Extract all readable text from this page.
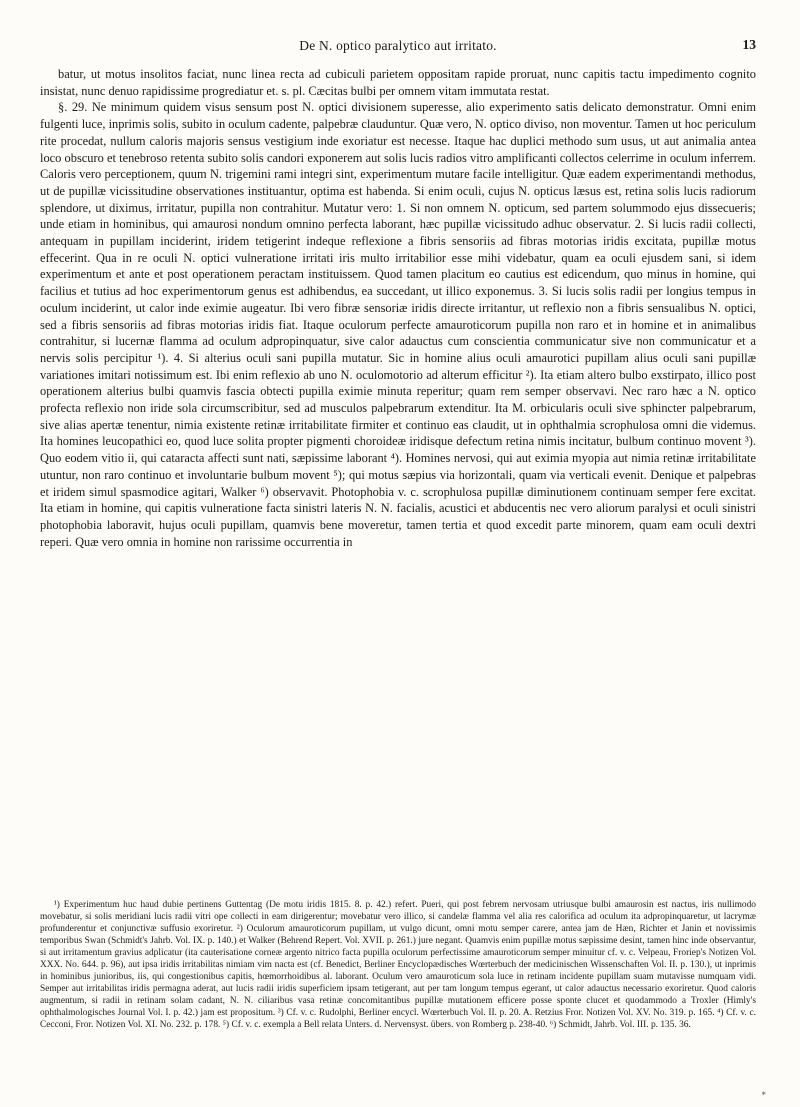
De N. optico paralytico aut irritato.	13

batur, ut motus insolitos faciat, nunc linea recta ad cubiculi parietem oppositam rapide proruat, nunc capitis tactu impedimento cognito insistat, nunc denuo rapidissime progrediatur et. s. pl. Cæcitas bulbi per omnem vitam immutata restat.

§. 29. Ne minimum quidem visus sensum post N. optici divisionem superesse, alio experimento satis delicato demonstratur. Omni enim fulgenti luce, inprimis solis, subito in oculum cadente, palpebræ clauduntur. Quæ vero, N. optico diviso, non moventur. Tamen ut hoc periculum rite procedat, nullum caloris majoris sensus vestigium inde exoriatur est necesse. Itaque hac duplici methodo sum usus, ut aut animalia antea loco obscuro et tenebroso retenta subito solis candori exponerem aut solis lucis radios vitro amplificanti collectos celerrime in oculum inferrem. Caloris vero perceptionem, quum N. trigemini rami integri sint, experimentum mutare facile intelligitur. Quæ eadem experimentandi methodus, ut de pupillæ vicissitudine observationes instituantur, optima est habenda. Si enim oculi, cujus N. opticus læsus est, retina solis lucis radiorum splendore, ut diximus, irritatur, pupilla non contrahitur. Mutatur vero: 1. Si non omnem N. opticum, sed partem solummodo ejus dissecueris; unde etiam in hominibus, qui amaurosi nondum omnino perfecta laborant, hæc pupillæ vicissitudo adhuc observatur. 2. Si lucis radii collecti, antequam in pupillam inciderint, iridem tetigerint indeque reflexione a fibris sensoriis ad fibras motorias iridis excitata, pupillæ motus effecerint. Qua in re oculi N. optici vulneratione irritati iris multo irritabilior esse mihi videbatur, quam ea oculi ejusdem sani, si idem experimentum et ante et post operationem peractam instituissem. Quod tamen placitum eo cautius est edicendum, quo minus in homine, qui facilius et tutius ad hoc experimentorum genus est adhibendus, ea succedant, ut illico exponemus. 3. Si lucis solis radii per longius tempus in oculum inciderint, ut calor inde eximie augeatur. Ibi vero fibræ sensoriæ iridis directe irritantur, ut reflexio non a fibris sensualibus N. optici, sed a fibris sensoriis ad fibras motorias iridis fiat. Itaque oculorum perfecte amauroticorum pupilla non raro et in homine et in animalibus contrahitur, si lucernæ flamma ad oculum adpropinquatur, sive calor adauctus cum conscientia communicatur sive non communicatur et a nervis solis percipitur ¹). 4. Si alterius oculi sani pupilla mutatur. Sic in homine alius oculi amaurotici pupillam alius oculi sani pupillæ variationes imitari notissimum est. Ibi enim reflexio ab uno N. oculomotorio ad alterum efficitur ²). Ita etiam altero bulbo exstirpato, illico post operationem alterius bulbi quamvis fascia obtecti pupilla eximie minuta reperitur; quam rem semper observavi. Nec raro hæc a N. optico profecta reflexio non iride sola circumscribitur, sed ad musculos palpebrarum extenditur. Ita M. orbicularis oculi sive sphincter palpebrarum, sive alias apertæ tenentur, nimia existente retinæ irritabilitate firmiter et continuo eas claudit, ut in ophthalmia scrophulosa omni die videmus. Ita homines leucopathici eo, quod luce solita propter pigmenti choroideæ iridisque defectum retina nimis incitatur, bulbum continuo movent ³). Quo eodem vitio ii, qui cataracta affecti sunt nati, sæpissime laborant ⁴). Homines nervosi, qui aut eximia myopia aut nimia retinæ irritabilitate utuntur, non raro continuo et involuntarie bulbum movent ⁵); qui motus sæpius via horizontali, quam via verticali evenit. Denique et palpebras et iridem simul spasmodice agitari, Walker ⁶) observavit. Photophobia v. c. scrophulosa pupillæ diminutionem continuam semper fere excitat. Ita etiam in homine, qui capitis vulneratione facta sinistri lateris N. N. facialis, acustici et abducentis nec vero aliorum paralysi et oculi sinistri photophobia laboravit, hujus oculi pupillam, quamvis bene moveretur, tamen tertia et quod excedit parte minorem, quam eam oculi dextri reperi. Quæ vero omnia in homine non rarissime occurrentia in

¹) Experimentum huc haud dubie pertinens Guttentag (De motu iridis 1815. 8. p. 42.) refert. Pueri, qui post febrem nervosam utriusque bulbi amaurosin est nactus, iris nullimodo movebatur, si solis meridiani lucis radii vitri ope collecti in eam dirigerentur; movebatur vero illico, si candelæ flamma vel alia res calorifica ad oculum ita adpropinquaretur, ut lacrymæ profunderentur et conjunctivæ suffusio exoriretur. ²) Oculorum amauroticorum pupillam, ut vulgo dicunt, omni motu semper carere, antea jam de Hæn, Richter et Janin et novissimis temporibus Swan (Schmidt's Jahrb. Vol. IX. p. 140.) et Walker (Behrend Repert. Vol. XVII. p. 261.) jure negant. Quamvis enim pupillæ motus sæpissime desint, tamen hinc inde observantur, si aut irritamentum gravius adplicatur (ita cauterisatione corneæ argento nitrico facta pupilla oculorum perfectissime amauroticorum semper minuitur cf. v. c. Velpeau, Froriep's Notizen Vol. XXX. No. 644. p. 96), aut ipsa iridis irritabilitas nimiam vim nacta est (cf. Benedict, Berliner Encyclopædisches Wœrterbuch der medicinischen Wissenschaften Vol. II. p. 130.), ut inprimis in hominibus junioribus, iis, qui congestionibus capitis, hœmorrhoidibus al. laborant. Oculum vero amauroticum sola luce in retinam incidente pupillam suam mutavisse numquam vidi. Semper aut irritabilitas iridis permagna aderat, aut lucis radii iridis superficiem ipsam tetigerant, aut per tam longum tempus egerant, ut calor adauctus necessario exoriretur. Quod caloris augmentum, si radii in retinam solam cadant, N. N. ciliaribus vasa retinæ concomitantibus pupillæ mutationem efficere posse sponte clucet et quodammodo a Troxler (Himly's ophthalmologisches Journal Vol. I. p. 42.) jam est propositum. ³) Cf. v. c. Rudolphi, Berliner encycl. Wœrterbuch Vol. II. p. 20. A. Retzius Fror. Notizen Vol. XV. No. 319. p. 165. ⁴) Cf. v. c. Cecconi, Fror. Notizen Vol. XI. No. 232. p. 178. ⁵) Cf. v. c. exempla a Bell relata Unters. d. Nervensyst. übers. von Romberg p. 238-40. ⁶) Schmidt, Jahrb. Vol. III. p. 135. 36.

*
